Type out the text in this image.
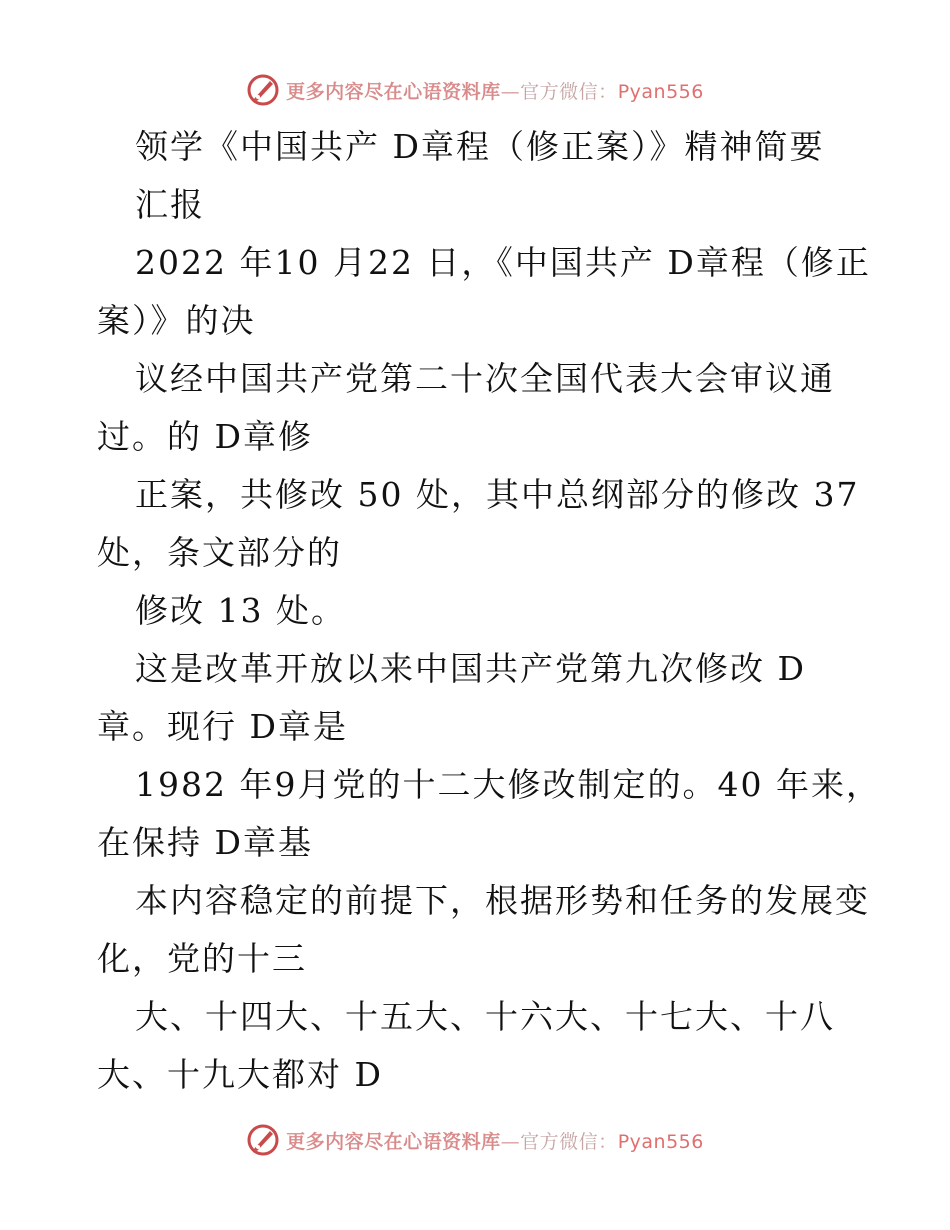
更多内容尽在心语资料库—官方微信：Pyan556
领学《中国共产 D章程（修正案）》精神简要
汇报
2022 年10 月22 日，《中国共产 D章程（修正
案）》的决
议经中国共产党第二十次全国代表大会审议通
过。的 D章修
正案，共修改 50 处，其中总纲部分的修改 37
处，条文部分的
修改 13 处。
这是改革开放以来中国共产党第九次修改 D
章。现行 D章是
1982 年9月党的十二大修改制定的。40 年来，
在保持 D章基
本内容稳定的前提下，根据形势和任务的发展变
化，党的十三
大、十四大、十五大、十六大、十七大、十八
大、十九大都对 D
更多内容尽在心语资料库—官方微信：Pyan556
